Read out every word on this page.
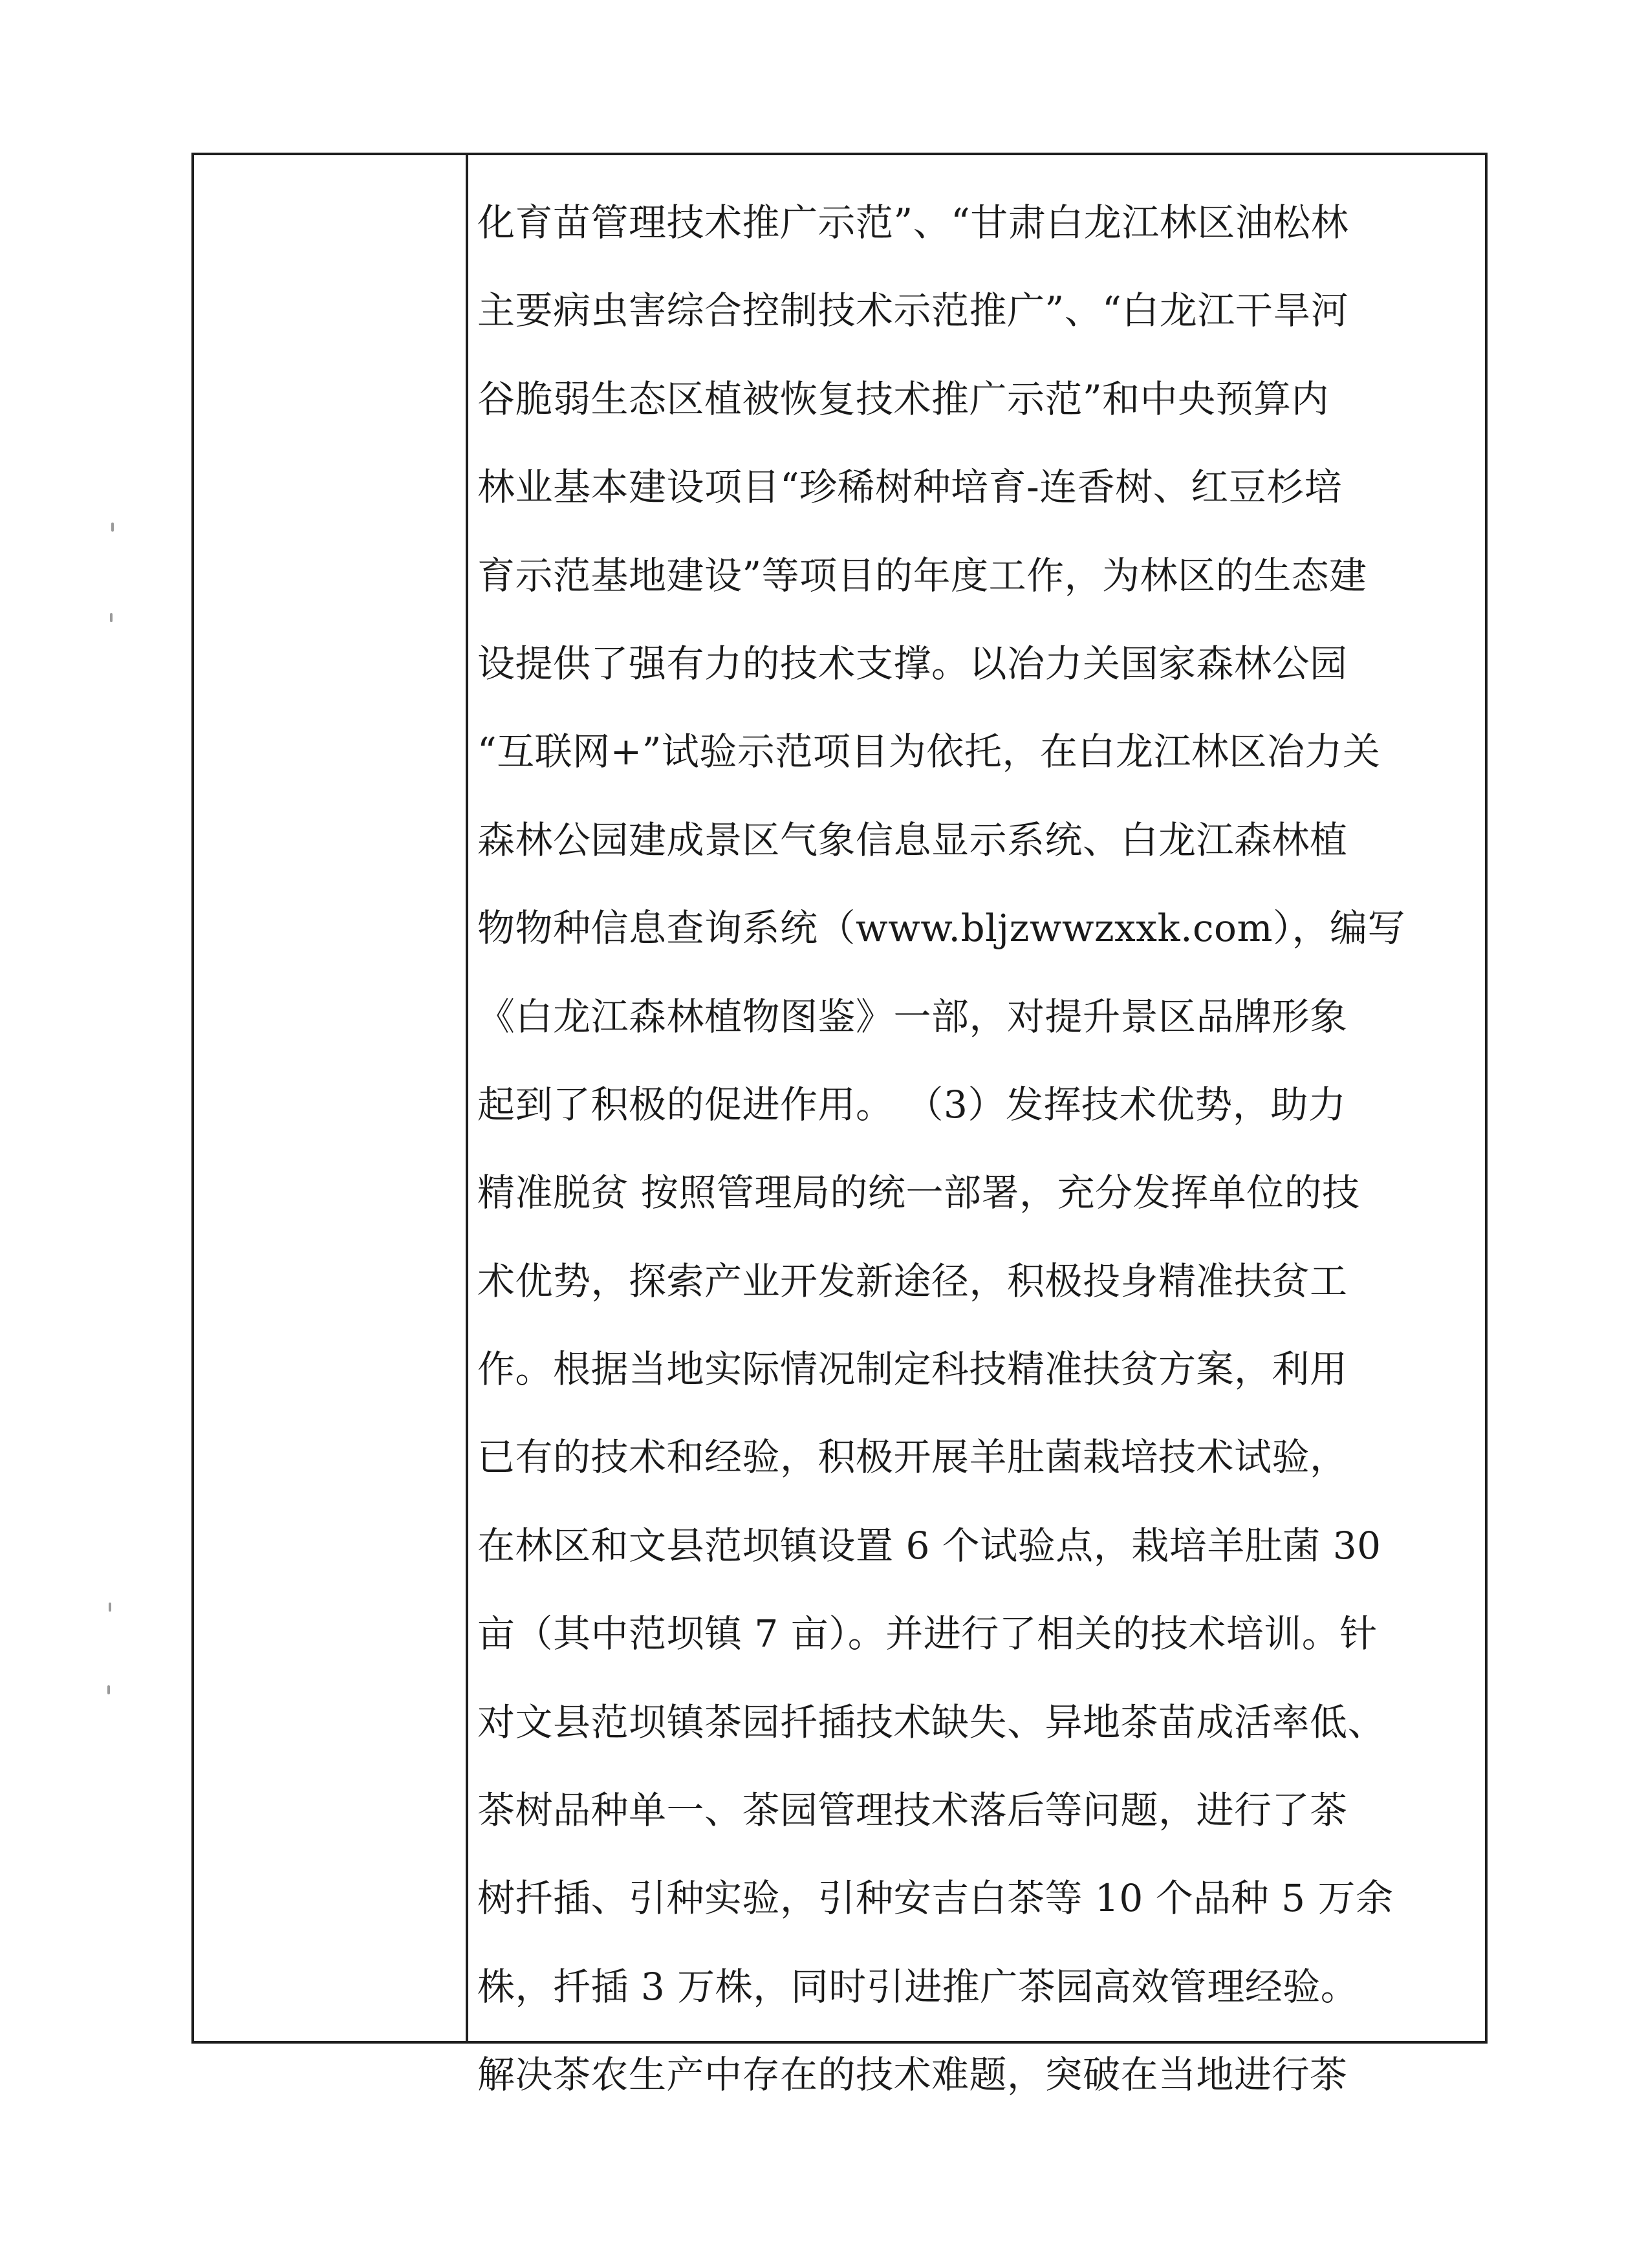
化育苗管理技术推广示范”、“甘肃白龙江林区油松林
主要病虫害综合控制技术示范推广”、“白龙江干旱河
谷脆弱生态区植被恢复技术推广示范”和中央预算内
林业基本建设项目“珍稀树种培育-连香树、红豆杉培
育示范基地建设”等项目的年度工作，为林区的生态建
设提供了强有力的技术支撑。以冶力关国家森林公园
“互联网+”试验示范项目为依托，在白龙江林区冶力关
森林公园建成景区气象信息显示系统、白龙江森林植
物物种信息查询系统（www.bljzwwzxxk.com），编写
《白龙江森林植物图鉴》一部，对提升景区品牌形象
起到了积极的促进作用。 （3）发挥技术优势，助力
精准脱贫 按照管理局的统一部署，充分发挥单位的技
术优势，探索产业开发新途径，积极投身精准扶贫工
作。根据当地实际情况制定科技精准扶贫方案，利用
已有的技术和经验，积极开展羊肚菌栽培技术试验，
在林区和文县范坝镇设置 6 个试验点，栽培羊肚菌 30
亩（其中范坝镇 7 亩）。并进行了相关的技术培训。针
对文县范坝镇茶园扦插技术缺失、异地茶苗成活率低、
茶树品种单一、茶园管理技术落后等问题，进行了茶
树扦插、引种实验，引种安吉白茶等 10 个品种 5 万余
株，扦插 3 万株，同时引进推广茶园高效管理经验。
解决茶农生产中存在的技术难题，突破在当地进行茶
